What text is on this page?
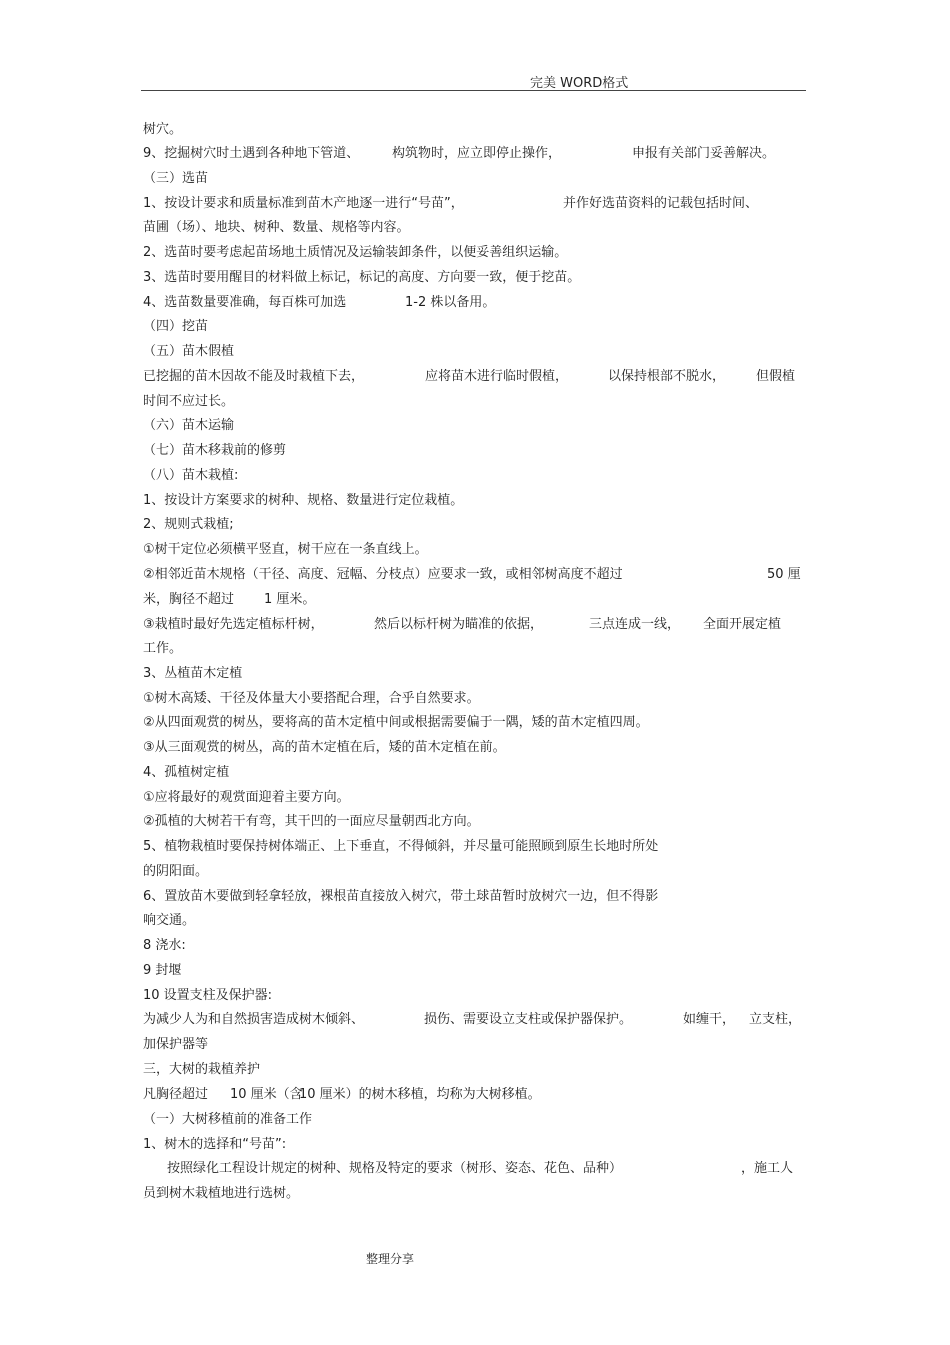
完美 WORD格式
树穴。
9、挖掘树穴时土遇到各种地下管道、	构筑物时，应立即停止操作，	申报有关部门妥善解决。
（三）选苗
1、按设计要求和质量标准到苗木产地逐一进行“号苗”，	并作好选苗资料的记载包括时间、
苗圃（场）、地块、树种、数量、规格等内容。
2、选苗时要考虑起苗场地土质情况及运输装卸条件，以便妥善组织运输。
3、选苗时要用醒目的材料做上标记，标记的高度、方向要一致，便于挖苗。
4、选苗数量要准确，每百株可加选	1-2 株以备用。
（四）挖苗
（五）苗木假植
已挖掘的苗木因故不能及时栽植下去，	应将苗木进行临时假植，	以保持根部不脱水， 但假植
时间不应过长。
（六）苗木运输
（七）苗木移栽前的修剪
（八）苗木栽植:
1、按设计方案要求的树种、规格、数量进行定位栽植。
2、规则式栽植;
①树干定位必须横平竖直，树干应在一条直线上。
②相邻近苗木规格（干径、高度、冠幅、分枝点）应要求一致，或相邻树高度不超过	50 厘
米，胸径不超过 1 厘米。
③栽植时最好先选定植标杆树，	然后以标杆树为瞄准的依据，	三点连成一线， 全面开展定植
工作。
3、丛植苗木定植
①树木高矮、干径及体量大小要搭配合理，合乎自然要求。
②从四面观赏的树丛，要将高的苗木定植中间或根据需要偏于一隅，矮的苗木定植四周。
③从三面观赏的树丛，高的苗木定植在后，矮的苗木定植在前。
4、孤植树定植
①应将最好的观赏面迎着主要方向。
②孤植的大树若干有弯，其干凹的一面应尽量朝西北方向。
5、植物栽植时要保持树体端正、上下垂直，不得倾斜，并尽量可能照顾到原生长地时所处
的阴阳面。
6、置放苗木要做到轻拿轻放，裸根苗直接放入树穴，带土球苗暂时放树穴一边，但不得影
响交通。
8 浇水:
9 封堰
10 设置支柱及保护器:
为减少人为和自然损害造成树木倾斜、	损伤、需要设立支柱或保护器保护。	如缠干， 立支柱，
加保护器等
三，大树的栽植养护
凡胸径超过 10 厘米（含
10 厘米）的树木移植，均称为大树移植。
（一）大树移植前的准备工作
1、树木的选择和“号苗”:
按照绿化工程设计规定的树种、规格及特定的要求（树形、姿态、花色、品种）	，施工人
员到树木栽植地进行选树。
整理分享
